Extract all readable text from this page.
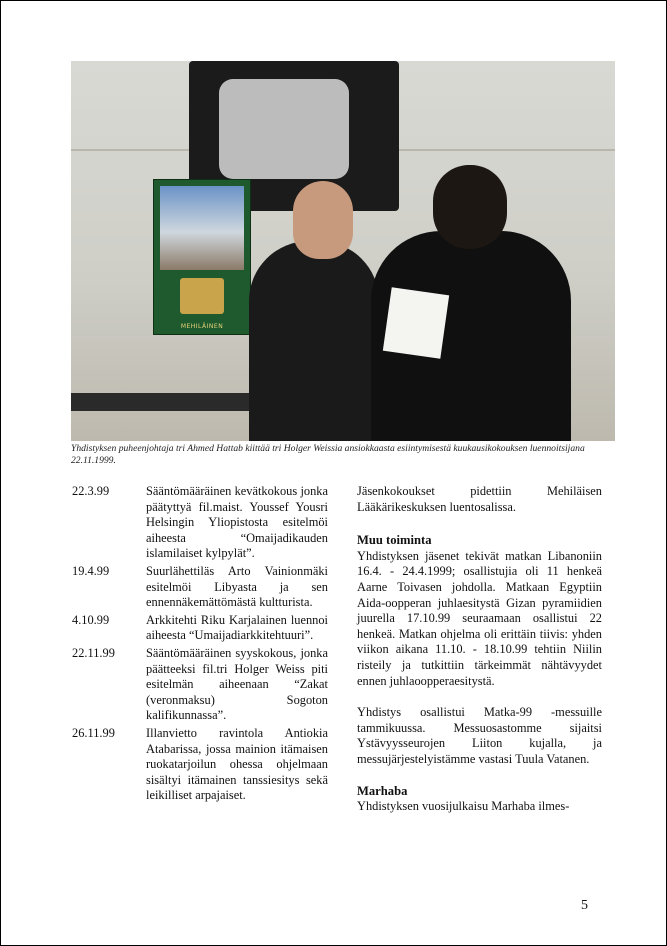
MEHILÄINEN
Yhdistyksen puheenjohtaja tri Ahmed Hattab kiittää tri Holger Weissia ansiokkaasta esiintymisestä kuukausikokouksen luennoitsijana 22.11.1999.
22.3.99	Sääntömääräinen kevätkokous jonka päätyttyä fil.maist. Youssef Yousri Helsingin Yliopistosta esitelmöi aiheesta “Omaijadikauden islamilaiset kylpylät”.
19.4.99	Suurlähettiläs Arto Vainionmäki esitelmöi Libyasta ja sen ennennäkemättömästä kultturista.
4.10.99	Arkkitehti Riku Karjalainen luennoi aiheesta “Umaijadiarkkitehtuuri”.
22.11.99	Sääntömääräinen syyskokous, jonka päätteeksi fil.tri Holger Weiss piti esitelmän aiheenaan “Zakat (veronmaksu) Sogoton kalifikunnassa”.
26.11.99	Illanvietto ravintola Antiokia Atabarissa, jossa mainion itämaisen ruokatarjoilun ohessa ohjelmaan sisältyi itämainen tanssiesitys sekä leikilliset arpajaiset.

Jäsenkokoukset pidettiin Mehiläisen Lääkärikeskuksen luentosalissa.

Muu toiminta

Yhdistyksen jäsenet tekivät matkan Libanoniin 16.4. - 24.4.1999; osallistujia oli 11 henkeä Aarne Toivasen johdolla. Matkaan Egyptiin Aida-oopperan juhlaesitystä Gizan pyramiidien juurella 17.10.99 seuraamaan osallistui 22 henkeä. Matkan ohjelma oli erittäin tiivis: yhden viikon aikana 11.10. - 18.10.99 tehtiin Niilin risteily ja tutkittiin tärkeimmät nähtävyydet ennen juhlaoopperaesitystä.

Yhdistys osallistui Matka-99 -messuille tammikuussa. Messuosastomme sijaitsi Ystävyysseurojen Liiton kujalla, ja messujärjestelyistämme vastasi Tuula Vatanen.

Marhaba

Yhdistyksen vuosijulkaisu Marhaba ilmes-

5
